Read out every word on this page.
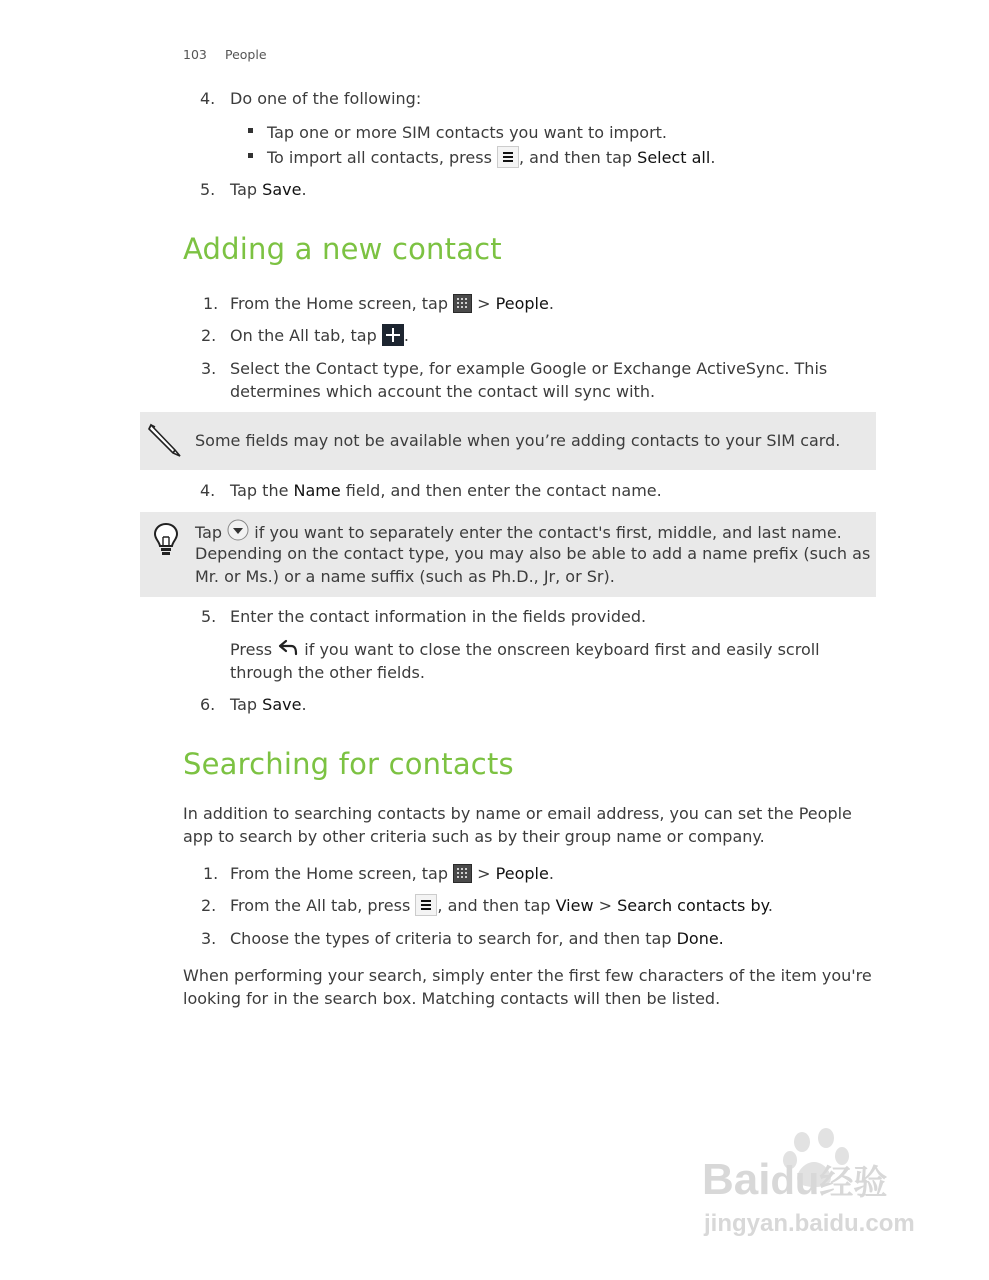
103 People
4. Do one of the following:
Tap one or more SIM contacts you want to import.
To import all contacts, press , and then tap Select all.
5. Tap Save.
Adding a new contact
1. From the Home screen, tap
> People.
2. On the All tab, tap .
3. Select the Contact type, for example Google or Exchange ActiveSync. This
determines which account the contact will sync with.
Some fields may not be available when you’re adding contacts to your SIM card.
4. Tap the Name field, and then enter the contact name.
Tap  if you want to separately enter the contact's first, middle, and last name.
Depending on the contact type, you may also be able to add a name prefix (such as
Mr. or Ms.) or a name suffix (such as Ph.D., Jr, or Sr).
5. Enter the contact information in the fields provided.
Press  if you want to close the onscreen keyboard first and easily scroll
through the other fields.
6. Tap Save.
Searching for contacts
In addition to searching contacts by name or email address, you can set the People
app to search by other criteria such as by their group name or company.
1. From the Home screen, tap
> People.
2. From the All tab, press , and then tap View > Search contacts by.
3. Choose the types of criteria to search for, and then tap Done.
When performing your search, simply enter the first few characters of the item you're
looking for in the search box. Matching contacts will then be listed.
Baidu经验
jingyan.baidu.com
